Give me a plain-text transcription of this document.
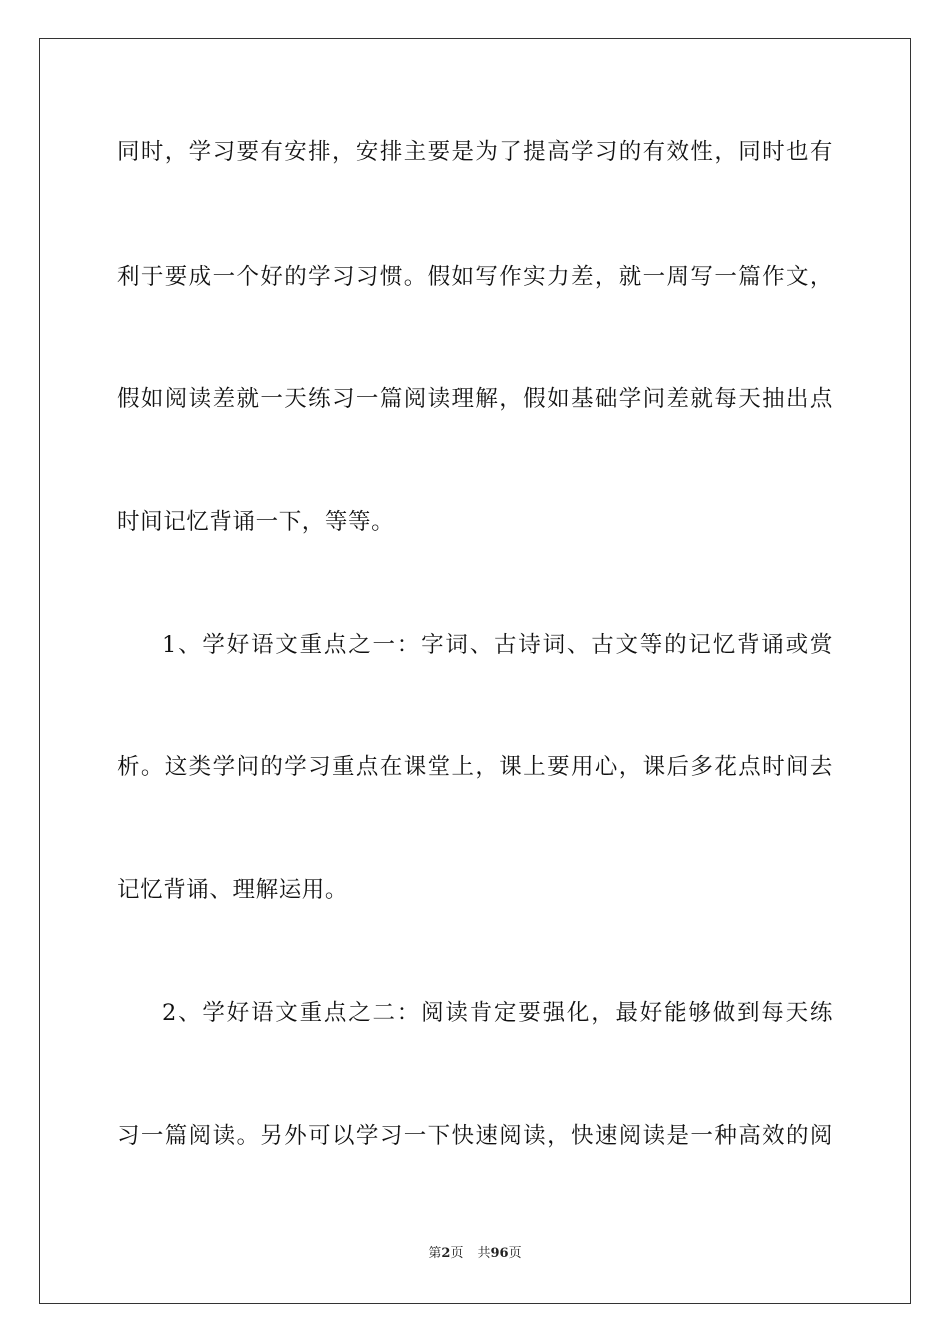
同时，学习要有安排，安排主要是为了提高学习的有效性，同时也有
利于要成一个好的学习习惯。假如写作实力差，就一周写一篇作文，
假如阅读差就一天练习一篇阅读理解，假如基础学问差就每天抽出点
时间记忆背诵一下，等等。
1、学好语文重点之一：字词、古诗词、古文等的记忆背诵或赏
析。这类学问的学习重点在课堂上，课上要用心，课后多花点时间去
记忆背诵、理解运用。
2、学好语文重点之二：阅读肯定要强化，最好能够做到每天练
习一篇阅读。另外可以学习一下快速阅读，快速阅读是一种高效的阅
第2页 共96页
